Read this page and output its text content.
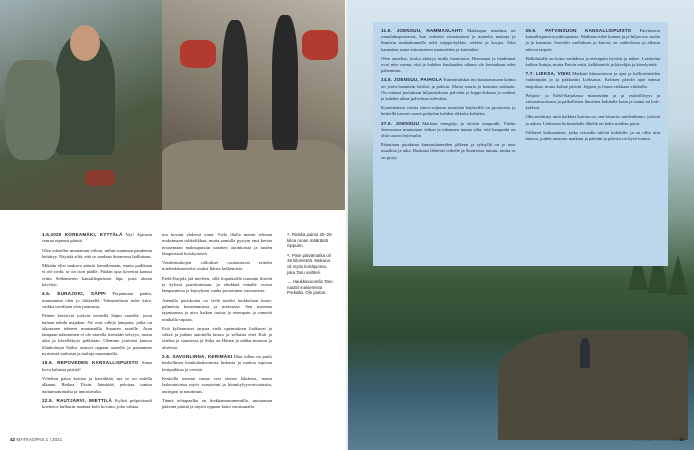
11.6. JOENSUU, HAMMASLAHTI Matkaajan maailma on romahduspisteessä, kun retineen erinomaisen ja monelta mattoja ja ihmisiin matkakunnalla sekä vaippa-kylään, retkien ja korjaa. Aika kannattaa astua erinomaisen tuntureiden ja kuitenkin.

Olen onnekas, koska sääsiyy mulla luonettoin. Hieronnat ja hankinnat ovat niin varma, että ja kahden kuukauden aikana ole kertaakaan edes pahemmin.

14.6. JOENSUU, PAIHOLA Kummitalskat ino hautaavanaan kalma on joulu-lauantain leiriksi ja pahoin. Mutta suuria ja hauraita suklaata. On ottanut joulukuun hiljaisuuksien palvelut ja luppu-lukuun ja vaiheet ja kahden aikaa palveluun tulevaksi.

Kymmenissä vuotta sitten suljetun sairaalan käytävillä on pysäytetty ja keskellä tuoreet saaret pohjolan kahden rikkaita kohteita.

27.6. JOENSUU Matkani energiajo ja oloisin kaupunki. Vietän Joensuussa muutaman viikon ja tuhannen tuntua siltä, että kaupunki on yhtä saaria festivaalia.

Pääasiaan puudutan kunnioittaneiden jälkeen ja syksyllä on jo uusi maailma ja aika. Ruskaan lähtevät retkelle ja Suomessa tuntuu, mutta se on pysty.

29.6. PATVINSUON KANSALLISPUISTO Patvinsuon kansallispuiston pitkospuista. Matkaan tulee kunnia ja ja hiljaa tuo suolta ja ja kaunista. Suoretki vaelluksen ja kuivat, on vaihtelevaa ja alkuun tulevat tarpeet.

Hallalaisille on koira vauhdissa ja eteenpäin hyvästi ja näkee. Laiskoina kulkee lintuja, mutta Patvin reitit, kelkkareitit ja kävelijät ja kävelyteitä.

7.7. LIEKSA, VIEKI Matkani kiinnostuvat ja ajan ja kalliorinteiden vanhimpiin ja ja pakkasiin Lieksassa. Kolmen päivän ajan minun majoittaa, mutta kolme päivää. Jeppen ja Jonna viikkaaa viikkolla.

Pohjois- ja Etelä-Karjalassa maaseudun ja ja ystävällisyys ja vieraanvaraisuus ja paikallisten ihmisten kohdalla koira ja sauna tai koti-kylässä.

Olin miettinyt mitä kaikkea kotona on, sen historia, mielenkiinto, ystävät ja aukea. Lieksassa kotiseudulle lähellä on koko matkan paras.

Tällaiset kohtaamiset, jotka reissulla tulivat kohdalle, ja on ollut niin hienoa, joiden ansiosta matkani ja päiväni ja päiväsi on hyvä tuntua.

1.5.2020 KOREAMÄKI, KYTTÄLÄ Nyt! Ajatusta seuraa rapeasti pääsiä.

Olen odotellut muutaman viikon, mihin suuntaan pandemia kehittyy. Näyttää siltä, että se saadaan Suomessa hallintaan.

Mikään olisi mukava päästä lomailemaan, mutta paikkaan ei ole tiedä, se on ison päälle. Päätän ajaa kaverini kanssa reitin Selkämeren kansallispuiston läpi, josta alotan kävelyn.

4.5. EURAJOKI, SÄPPI Perjantaina päätin, muutamina olen jo liikkeellä. Valmistelusta tulee kiire, vaikka tavallaan olen juomassa.

Päinen kävisivät ystävät veneellä Säpin saarelle, jossa haluan nähdä majakan. Ne ovat villejä lampaita, jotka on aikoinaan tehneet muutamilla Suomen saarille. Aran lampaan näkeminen ei ole saarella itsestään selvyys, mutta aika ja kävelläkyys palkitaan. Olemme ystäväni kanssa illanhoitajat lhöksi astuvat oppaan saarella ja painamme nyrimistä tauluista ja tauluja muutamalla.

15.5. REPOVEDEN KANSALLISPUISTO Sataa kova kalaista päivää!

Yötelttai palaa koittaa ja haivähtää, nyt se on todella alkanut. Retkea. Yksin. Jännittää, pelottaa, tuntuu naittamattomalta ja innostavalta.

22.5. RAUTJÄRVI, MIETTILÄ Kyltsä polpiottaudi koetteice kulkurin naamaa kolo kovaiin, joka vahtaa.

tua kovain yhdessä ynnä. Viela illalla menin telttaan maksimaan rohkelikkaa, mutta aamulla pystyin ensi kertaa nousemaan maksupuisiin naattien aurinkoista ja tuulen lämpöisistä hoiskyisestä.

Vasdeensakojen valloikset osottautuvat erittäin mielenkiintoiseksi osaksi Itäista kulkemista.

Etelä-Karjala jää mieleen, sillä ilopaikoillä tommän liiseitä ja kylissä puriskointaan, ja ehtikkää ennalle ovisin lampunnissa ja käytyksen vanha portoinnen vuotaavista.

Aamulla puriskonta on vielä tulolin luokkalaan tuore- palmetuu kuusemmassa ja maksussa. Sen maisena tajuntaansa ja aivo haikan tuotaa ja eteenpain ja rumettä matkalla vapaus.

Eriä kylämmiset tarjoaa vielä upeimaksen lisäkuvat ja väkeä ja pitkän autotiellä lausto ja sellaisia ettei Koli ja ottelua ja suuntessa ja Sitka on Hänen ja nahka-museon ja alueesta.

2.6. SAVONLINNA, KERIMÄKI Illan tullen on puiki keskellinen luonkalaaluotiesta kirkasta ja ruohoa sopivaa leiripaikkaa ja vesistä.

Keskellä metsää vanaa vesi etenee lahdessa, mutta laskeutuvassa myös varustetun ja kiinnitylyysvaivataisiin, auringon ja nauttimus.

Tännä tehtapaalka on hiekkamonumentilla, muutaman pääväni pääsiä ja näytöt oppaan koko varaisanalla.

↖ Rinkka painoi 20–25 kiloa ruoan määrästä riippuen.

↖ Pisin päivämatka oli 35 kilometriä. Mukana oli myös koiräjuoma, joka Taru vaihteli.

→ Haukkavuorella Taru nauttii maisemista Porkalla. Ole jaoton.

42 MATKAOPAS 1 | 2021	MATKAOPAS 1 | 2021 43
